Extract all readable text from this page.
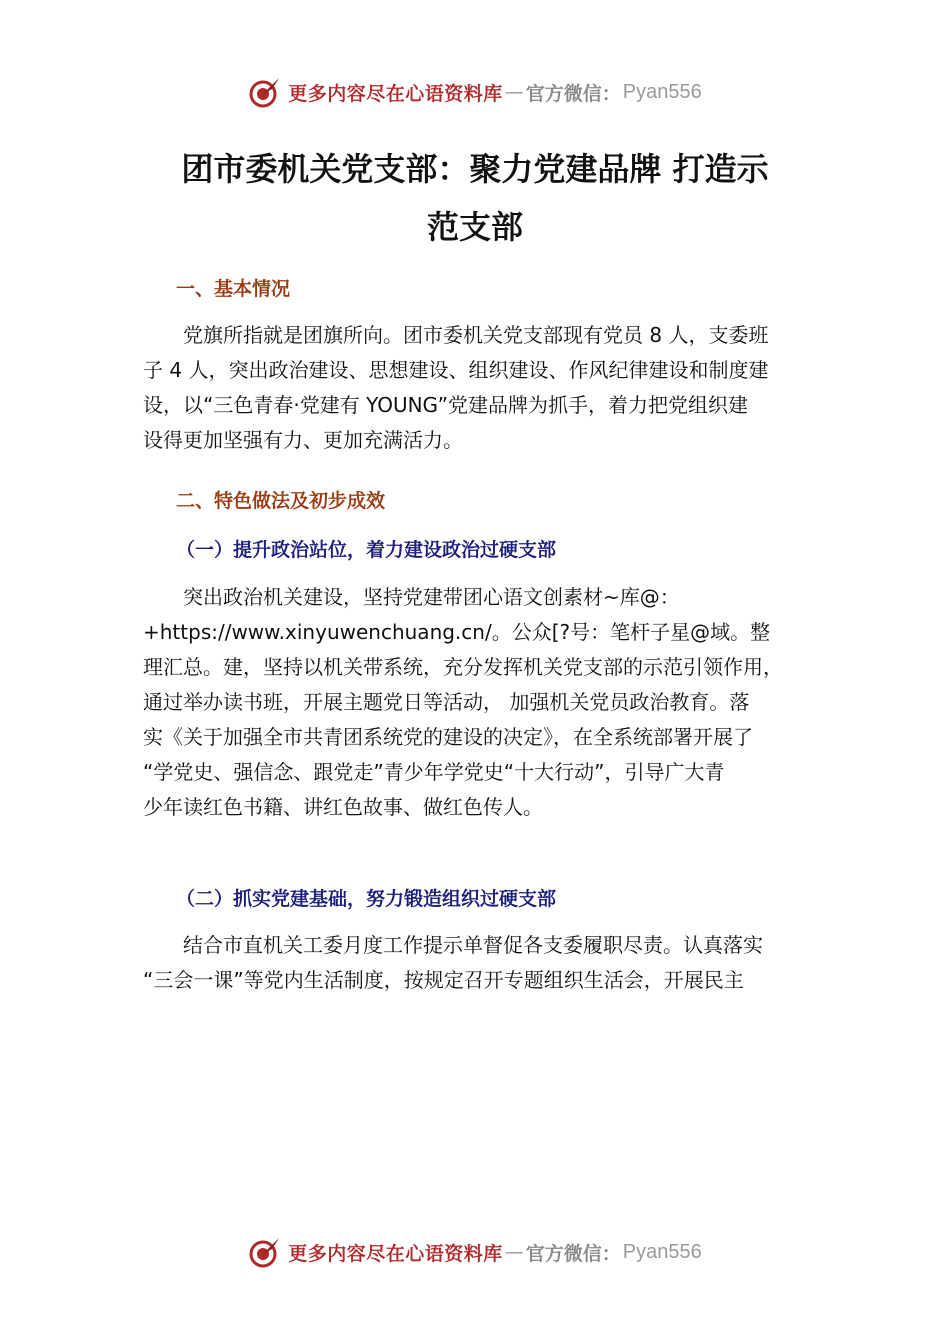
更多内容尽在心语资料库 — 官方微信： Pyan556
团市委机关党支部：聚力党建品牌 打造示
范支部
一、基本情况
　　党旗所指就是团旗所向。团市委机关党支部现有党员 8 人，支委班
子 4 人，突出政治建设、思想建设、组织建设、作风纪律建设和制度建
设，以“三色青春·党建有 YOUNG”党建品牌为抓手，着力把党组织建
设得更加坚强有力、更加充满活力。
二、特色做法及初步成效
（一）提升政治站位，着力建设政治过硬支部
　　突出政治机关建设，坚持党建带团心语文创素材~库@：
+https://www.xinyuwenchuang.cn/。公众[?号：笔杆子星@域。整
理汇总。建，坚持以机关带系统，充分发挥机关党支部的示范引领作用，
通过举办读书班，开展主题党日等活动， 加强机关党员政治教育。落
实《关于加强全市共青团系统党的建设的决定》，在全系统部署开展了
“学党史、强信念、跟党走”青少年学党史“十大行动”，引导广大青
少年读红色书籍、讲红色故事、做红色传人。
（二）抓实党建基础，努力锻造组织过硬支部
　　结合市直机关工委月度工作提示单督促各支委履职尽责。认真落实
“三会一课”等党内生活制度，按规定召开专题组织生活会，开展民主
更多内容尽在心语资料库 — 官方微信： Pyan556
